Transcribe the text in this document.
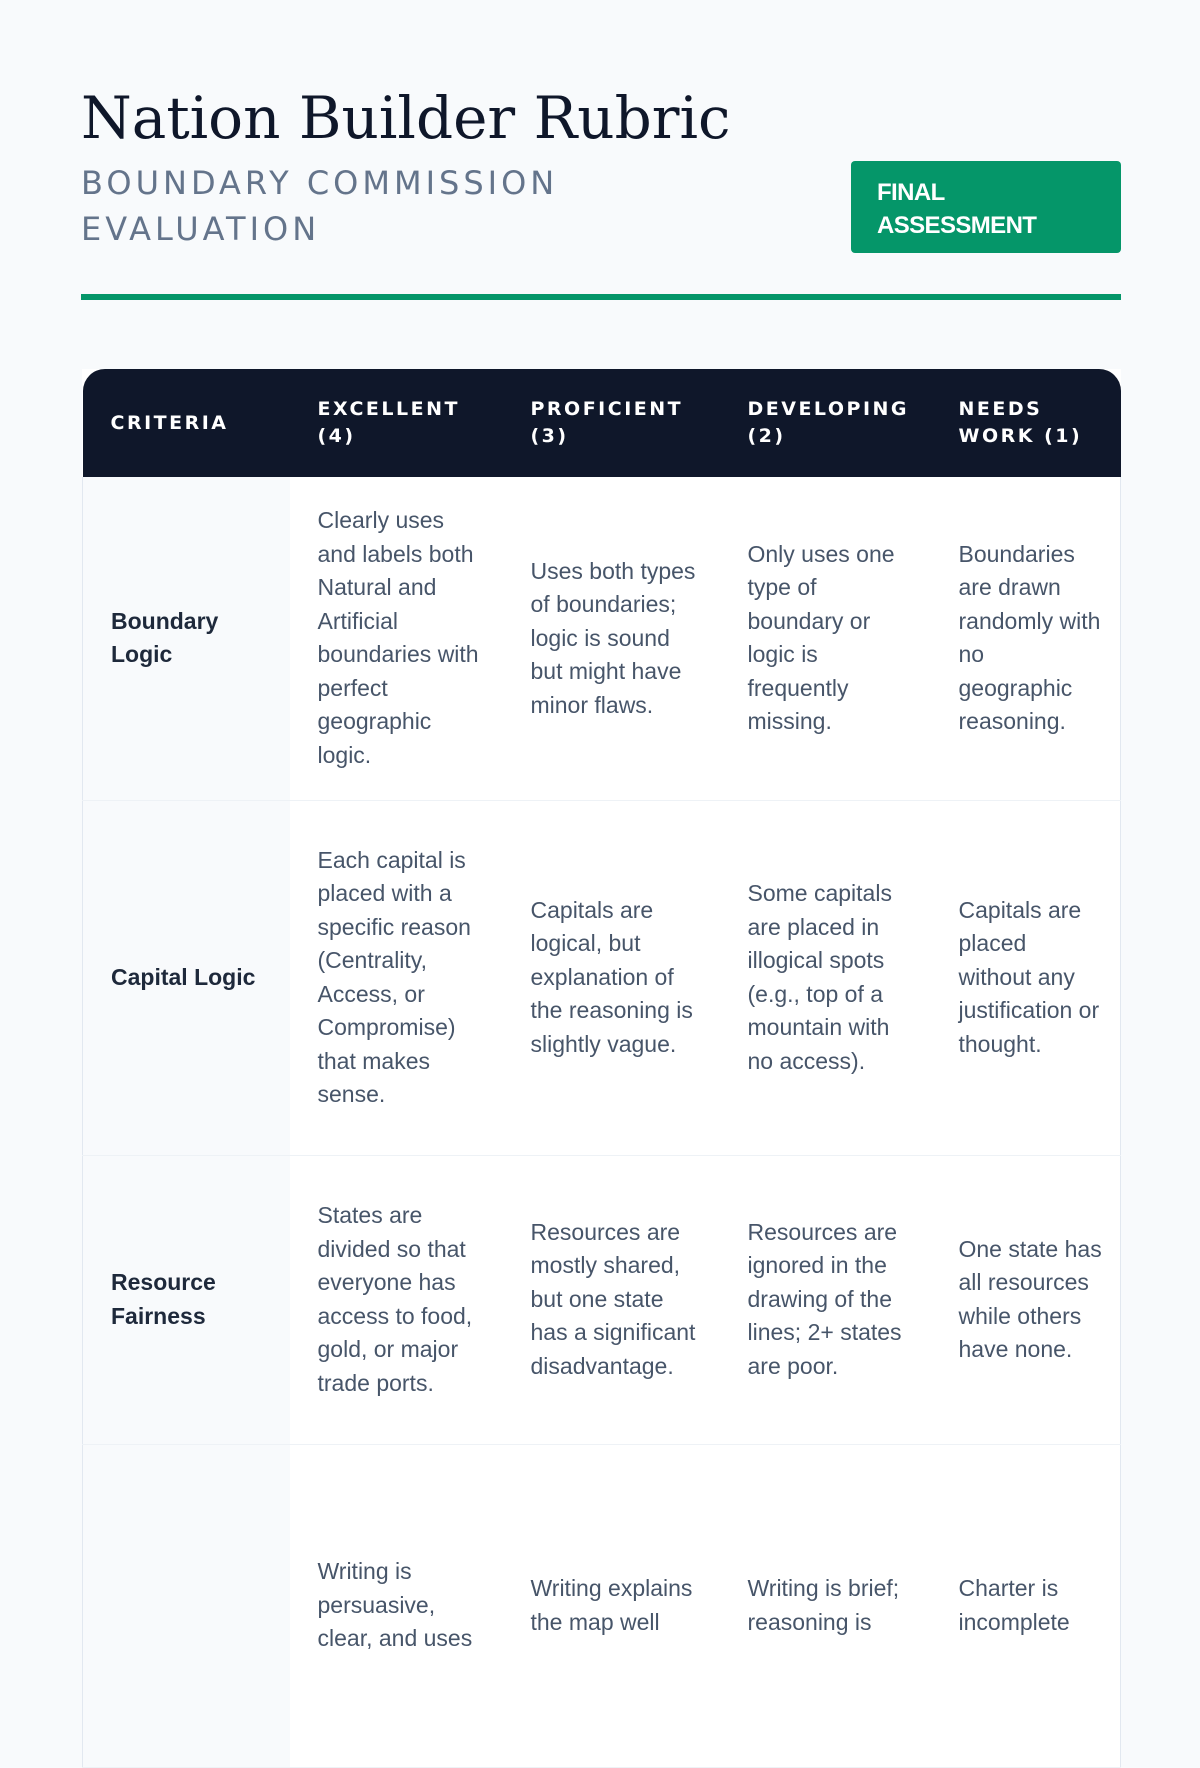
Nation Builder Rubric
BOUNDARY COMMISSION EVALUATION
FINAL ASSESSMENT
CRITERIA	EXCELLENT (4)	PROFICIENT (3)	DEVELOPING (2)	NEEDS WORK (1)
Boundary Logic	Clearly uses and labels both Natural and Artificial boundaries with perfect geographic logic.	Uses both types of boundaries; logic is sound but might have minor flaws.	Only uses one type of boundary or logic is frequently missing.	Boundaries are drawn randomly with no geographic reasoning.
Capital Logic	Each capital is placed with a specific reason (Centrality, Access, or Compromise) that makes sense.	Capitals are logical, but explanation of the reasoning is slightly vague.	Some capitals are placed in illogical spots (e.g., top of a mountain with no access).	Capitals are placed without any justification or thought.
Resource Fairness	States are divided so that everyone has access to food, gold, or major trade ports.	Resources are mostly shared, but one state has a significant disadvantage.	Resources are ignored in the drawing of the lines; 2+ states are poor.	One state has all resources while others have none.
	Writing is persuasive, clear, and uses	Writing explains the map well	Writing is brief; reasoning is	Charter is incomplete
